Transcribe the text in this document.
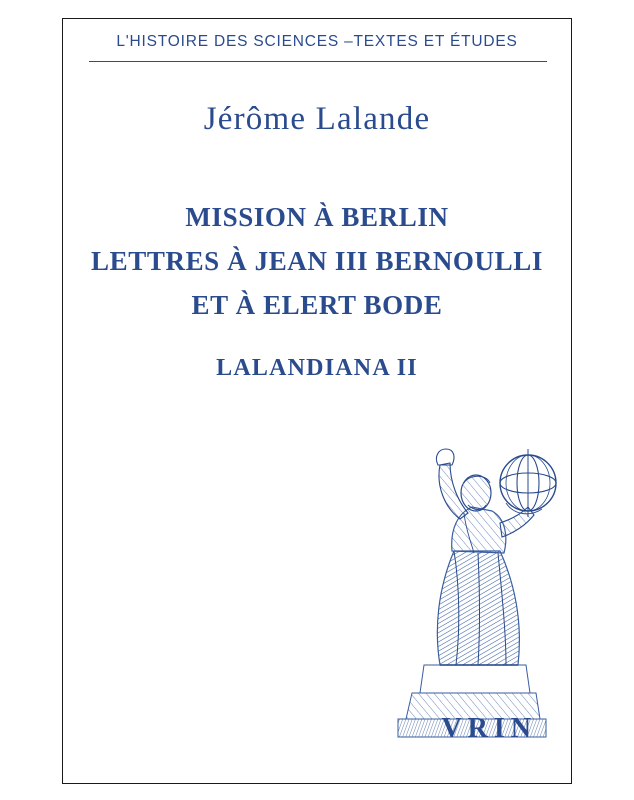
L'HISTOIRE DES SCIENCES –TEXTES ET ÉTUDES
Jérôme Lalande
MISSION À BERLIN
LETTRES À JEAN III BERNOULLI
ET À ELERT BODE
LALANDIANA II
VRIN
